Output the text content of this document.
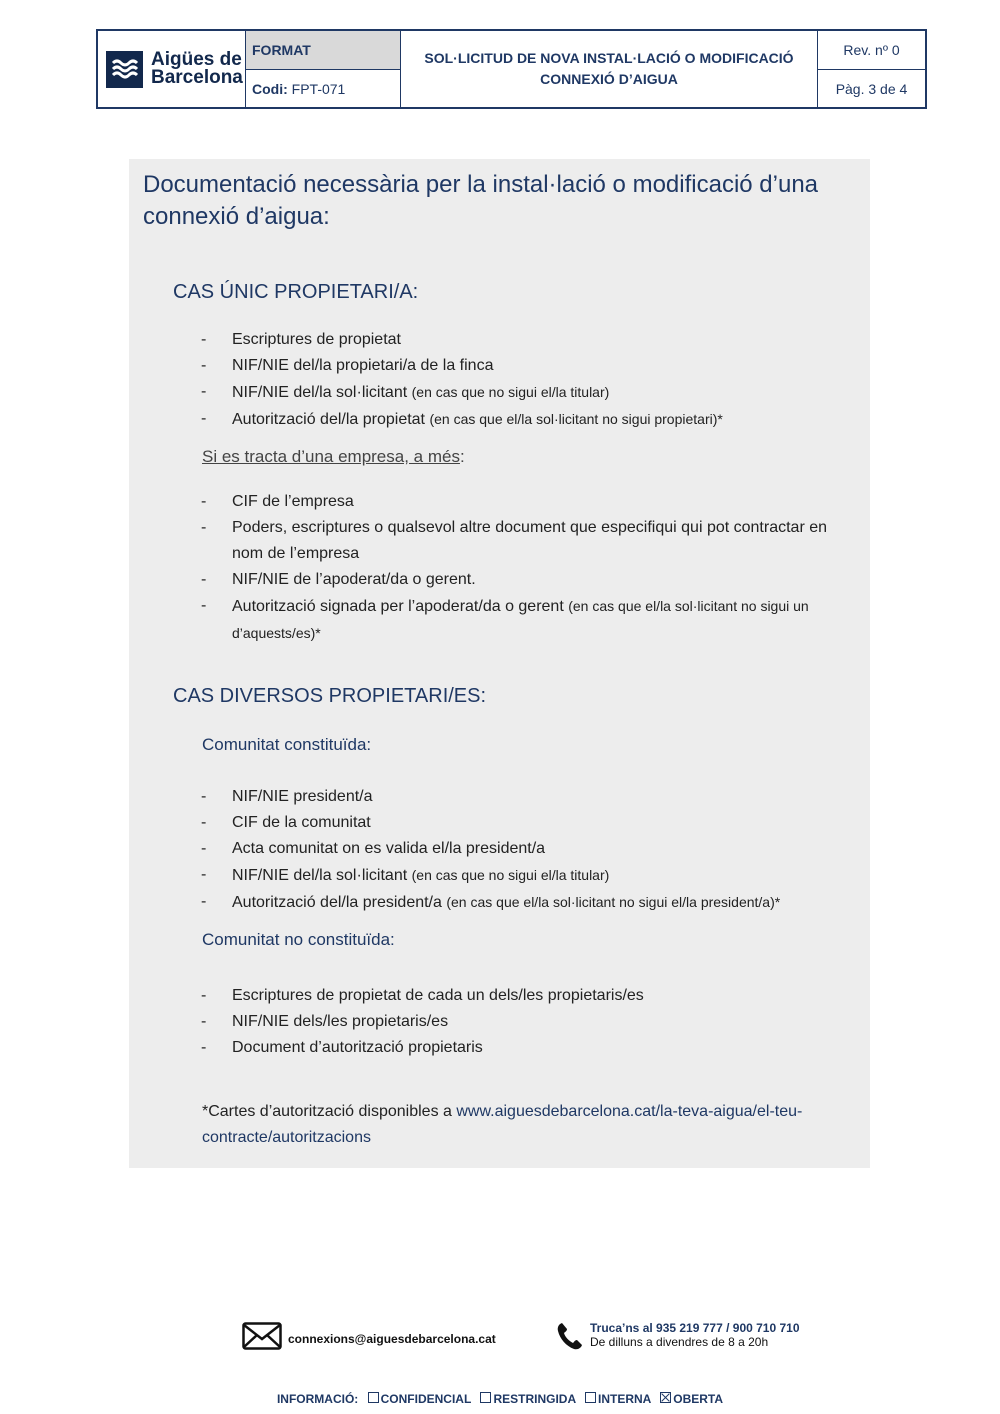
Aigües de
Barcelona
FORMAT
Codi: FPT-071
SOL·LICITUD DE NOVA INSTAL·LACIÓ O MODIFICACIÓ
CONNEXIÓ D’AIGUA
Rev. nº 0
Pàg. 3 de 4
Documentació necessària per la instal·lació o modificació d’una connexió d’aigua:
CAS ÚNIC PROPIETARI/A:
- Escriptures de propietat
- NIF/NIE del/la propietari/a de la finca
- NIF/NIE del/la sol·licitant (en cas que no sigui el/la titular)
- Autorització del/la propietat (en cas que el/la sol·licitant no sigui propietari)*
Si es tracta d’una empresa, a més:
- CIF de l’empresa
- Poders, escriptures o qualsevol altre document que especifiqui qui pot contractar en nom de l’empresa
- NIF/NIE de l’apoderat/da o gerent.
- Autorització signada per l’apoderat/da o gerent (en cas que el/la sol·licitant no sigui un d’aquests/es)*
CAS DIVERSOS PROPIETARI/ES:
Comunitat constituïda:
- NIF/NIE president/a
- CIF de la comunitat
- Acta comunitat on es valida el/la president/a
- NIF/NIE del/la sol·licitant (en cas que no sigui el/la titular)
- Autorització del/la president/a (en cas que el/la sol·licitant no sigui el/la president/a)*
Comunitat no constituïda:
- Escriptures de propietat de cada un dels/les propietaris/es
- NIF/NIE dels/les propietaris/es
- Document d’autorització propietaris
*Cartes d’autorització disponibles a www.aiguesdebarcelona.cat/la-teva-aigua/el-teu-contracte/autoritzacions
connexions@aiguesdebarcelona.cat
Truca’ns al 935 219 777 / 900 710 710
De dilluns a divendres de 8 a 20h
INFORMACIÓ: CONFIDENCIAL RESTRINGIDA INTERNA OBERTA
